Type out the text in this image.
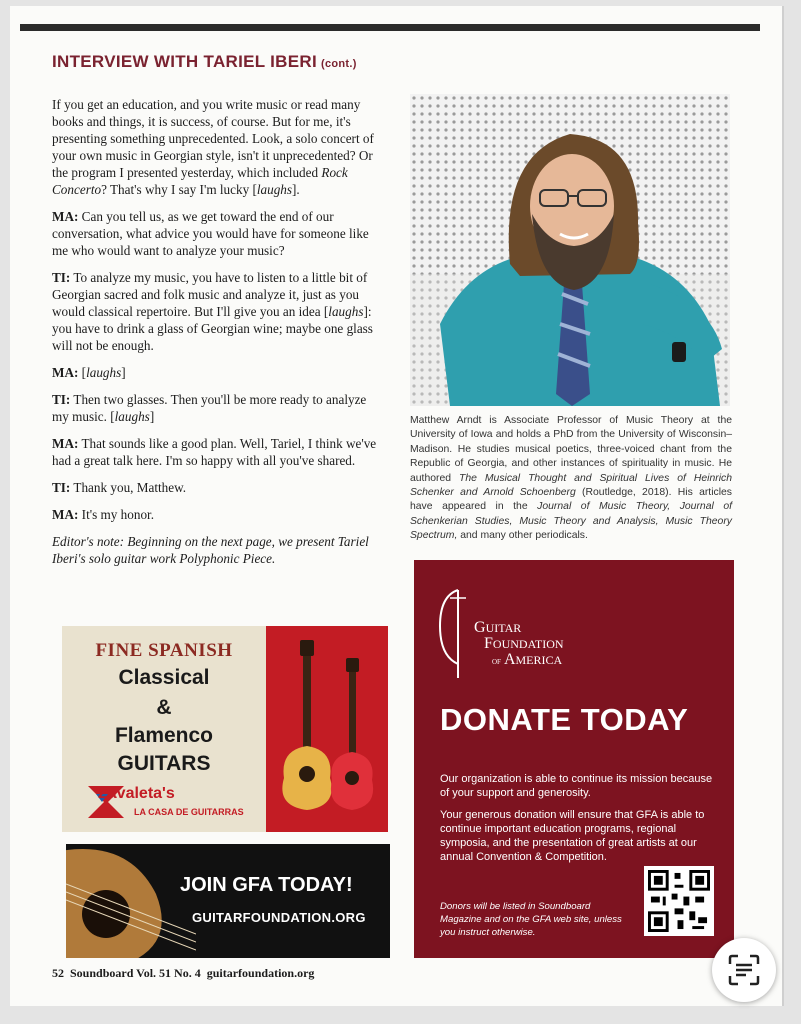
INTERVIEW WITH TARIEL IBERI (cont.)

If you get an education, and you write music or read many books and things, it is success, of course. But for me, it's presenting something unprecedented. Look, a solo concert of your own music in Georgian style, isn't it unprecedented? Or the program I presented yesterday, which included Rock Concerto? That's why I say I'm lucky [laughs].

MA: Can you tell us, as we get toward the end of our conversation, what advice you would have for someone like me who would want to analyze your music?

TI: To analyze my music, you have to listen to a little bit of Georgian sacred and folk music and analyze it, just as you would classical repertoire. But I'll give you an idea [laughs]: you have to drink a glass of Georgian wine; maybe one glass will not be enough.

MA: [laughs]

TI: Then two glasses. Then you'll be more ready to analyze my music. [laughs]

MA: That sounds like a good plan. Well, Tariel, I think we've had a great talk here. I'm so happy with all you've shared.

TI: Thank you, Matthew.

MA: It's my honor.

Editor's note: Beginning on the next page, we present Tariel Iberi's solo guitar work Polyphonic Piece.

Matthew Arndt is Associate Professor of Music Theory at the University of Iowa and holds a PhD from the University of Wisconsin–Madison. He studies musical poetics, three-voiced chant from the Republic of Georgia, and other instances of spirituality in music. He authored The Musical Thought and Spiritual Lives of Heinrich Schenker and Arnold Schoenberg (Routledge, 2018). His articles have appeared in the Journal of Music Theory, Journal of Schenkerian Studies, Music Theory and Analysis, Music Theory Spectrum, and many other periodicals.
FINE SPANISH
Classical
&
Flamenco
GUITARS
Zavaleta's
LA CASA DE GUITARRAS
JOIN GFA TODAY!
GUITARFOUNDATION.ORG
GUITAR
FOUNDATION
OF AMERICA
DONATE TODAY
Our organization is able to continue its mission because of your support and generosity.
Your generous donation will ensure that GFA is able to continue important education programs, regional symposia, and the presentation of great artists at our annual Convention & Competition.
Donors will be listed in Soundboard Magazine and on the GFA web site, unless you instruct otherwise.
52 Soundboard Vol. 51 No. 4 guitarfoundation.org
